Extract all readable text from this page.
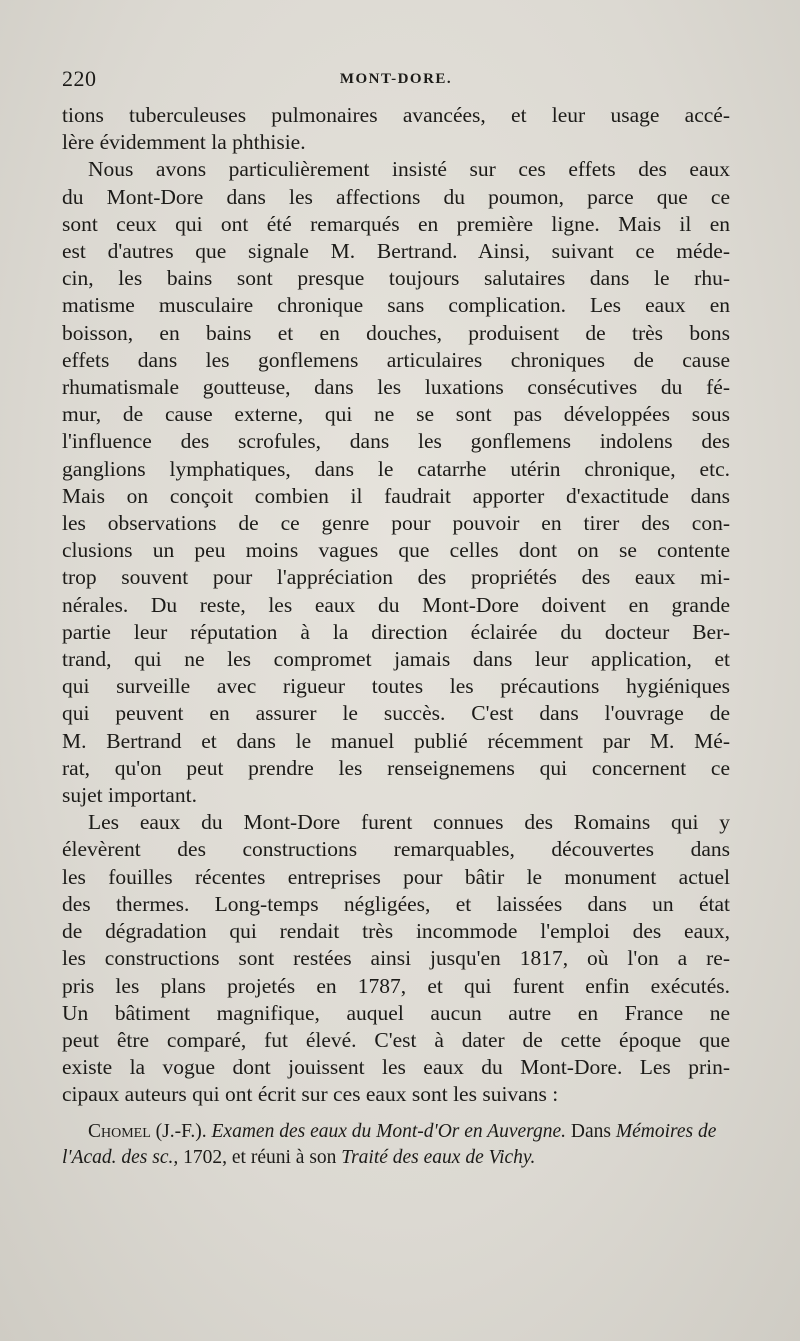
220	MONT-DORE.

tions tuberculeuses pulmonaires avancées, et leur usage accé-
lère évidemment la phthisie.

Nous avons particulièrement insisté sur ces effets des eaux
du Mont-Dore dans les affections du poumon, parce que ce
sont ceux qui ont été remarqués en première ligne. Mais il en
est d'autres que signale M. Bertrand. Ainsi, suivant ce méde-
cin, les bains sont presque toujours salutaires dans le rhu-
matisme musculaire chronique sans complication. Les eaux en
boisson, en bains et en douches, produisent de très bons
effets dans les gonflemens articulaires chroniques de cause
rhumatismale goutteuse, dans les luxations consécutives du fé-
mur, de cause externe, qui ne se sont pas développées sous
l'influence des scrofules, dans les gonflemens indolens des
ganglions lymphatiques, dans le catarrhe utérin chronique, etc.
Mais on conçoit combien il faudrait apporter d'exactitude dans
les observations de ce genre pour pouvoir en tirer des con-
clusions un peu moins vagues que celles dont on se contente
trop souvent pour l'appréciation des propriétés des eaux mi-
nérales. Du reste, les eaux du Mont-Dore doivent en grande
partie leur réputation à la direction éclairée du docteur Ber-
trand, qui ne les compromet jamais dans leur application, et
qui surveille avec rigueur toutes les précautions hygiéniques
qui peuvent en assurer le succès. C'est dans l'ouvrage de
M. Bertrand et dans le manuel publié récemment par M. Mé-
rat, qu'on peut prendre les renseignemens qui concernent ce
sujet important.

Les eaux du Mont-Dore furent connues des Romains qui y
élevèrent des constructions remarquables, découvertes dans
les fouilles récentes entreprises pour bâtir le monument actuel
des thermes. Long-temps négligées, et laissées dans un état
de dégradation qui rendait très incommode l'emploi des eaux,
les constructions sont restées ainsi jusqu'en 1817, où l'on a re-
pris les plans projetés en 1787, et qui furent enfin exécutés.
Un bâtiment magnifique, auquel aucun autre en France ne
peut être comparé, fut élevé. C'est à dater de cette époque que
existe la vogue dont jouissent les eaux du Mont-Dore. Les prin-
cipaux auteurs qui ont écrit sur ces eaux sont les suivans :

Chomel (J.-F.). Examen des eaux du Mont-d'Or en Auvergne. Dans Mémoires de l'Acad. des sc., 1702, et réuni à son Traité des eaux de Vichy.
